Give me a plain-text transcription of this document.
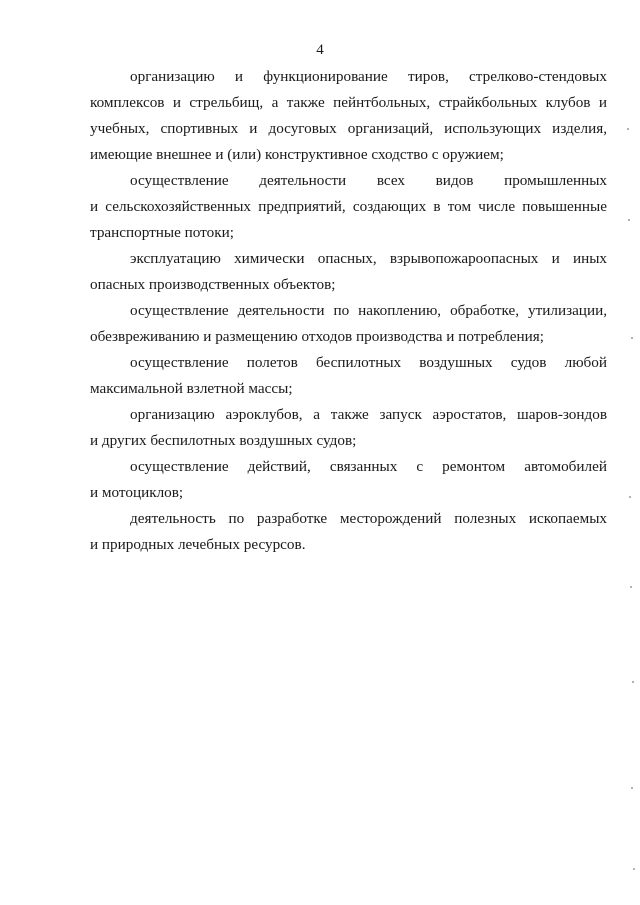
4
организацию и функционирование тиров, стрелково-стендовых
комплексов и стрельбищ, а также пейнтбольных, страйкбольных клубов и
учебных, спортивных и досуговых организаций, использующих изделия,
имеющие внешнее и (или) конструктивное сходство с оружием;
осуществление деятельности всех видов промышленных
и сельскохозяйственных предприятий, создающих в том числе повышенные
транспортные потоки;
эксплуатацию химически опасных, взрывопожароопасных и иных
опасных производственных объектов;
осуществление деятельности по накоплению, обработке, утилизации,
обезвреживанию и размещению отходов производства и потребления;
осуществление полетов беспилотных воздушных судов любой
максимальной взлетной массы;
организацию аэроклубов, а также запуск аэростатов, шаров-зондов
и других беспилотных воздушных судов;
осуществление действий, связанных с ремонтом автомобилей
и мотоциклов;
деятельность по разработке месторождений полезных ископаемых
и природных лечебных ресурсов.
